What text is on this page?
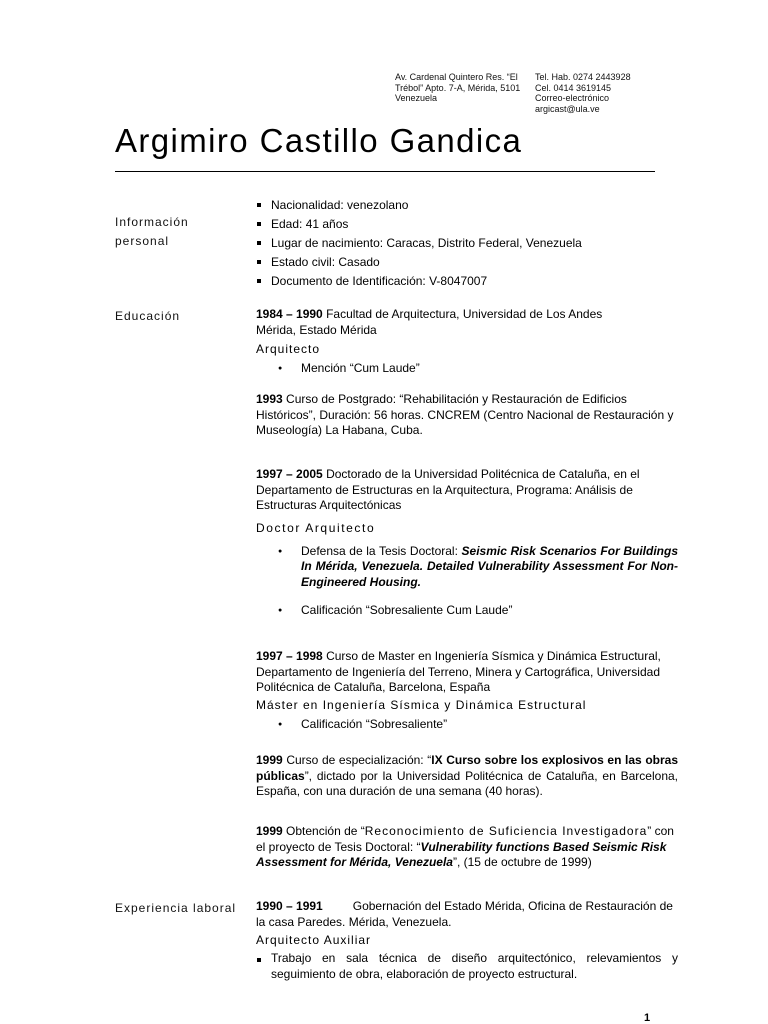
Av. Cardenal Quintero Res. “El
Trébol” Apto. 7-A, Mérida, 5101
Venezuela
Tel. Hab. 0274 2443928
Cel. 0414 3619145
Correo-electrónico
argicast@ula.ve
Argimiro Castillo Gandica
Información
personal
Nacionalidad: venezolano
Edad: 41 años
Lugar de nacimiento: Caracas, Distrito Federal, Venezuela
Estado civil: Casado
Documento de Identificación: V-8047007
Educación	1984 – 1990 Facultad de Arquitectura, Universidad de Los Andes
Mérida, Estado Mérida
Arquitecto
● Mención “Cum Laude”
1993 Curso de Postgrado: “Rehabilitación y Restauración de Edificios Históricos”, Duración: 56 horas. CNCREM (Centro Nacional de Restauración y Museología) La Habana, Cuba.
1997 – 2005 Doctorado de la Universidad Politécnica de Cataluña, en el Departamento de Estructuras en la Arquitectura, Programa: Análisis de Estructuras Arquitectónicas
Doctor Arquitecto
● Defensa de la Tesis Doctoral: Seismic Risk Scenarios For Buildings In Mérida, Venezuela. Detailed Vulnerability Assessment For Non-Engineered Housing.
● Calificación “Sobresaliente Cum Laude”
1997 – 1998 Curso de Master en Ingeniería Sísmica y Dinámica Estructural, Departamento de Ingeniería del Terreno, Minera y Cartográfica, Universidad Politécnica de Cataluña, Barcelona, España
Máster en Ingeniería Sísmica y Dinámica Estructural
● Calificación “Sobresaliente”
1999 Curso de especialización: “IX Curso sobre los explosivos en las obras públicas”, dictado por la Universidad Politécnica de Cataluña, en Barcelona, España, con una duración de una semana (40 horas).
1999 Obtención de “Reconocimiento de Suficiencia Investigadora” con el proyecto de Tesis Doctoral: “Vulnerability functions Based Seismic Risk Assessment for Mérida, Venezuela”, (15 de octubre de 1999)
Experiencia laboral 1990 – 1991	Gobernación del Estado Mérida, Oficina de Restauración de la casa Paredes. Mérida, Venezuela.
Arquitecto Auxiliar
Trabajo en sala técnica de diseño arquitectónico, relevamientos y seguimiento de obra, elaboración de proyecto estructural.
1
